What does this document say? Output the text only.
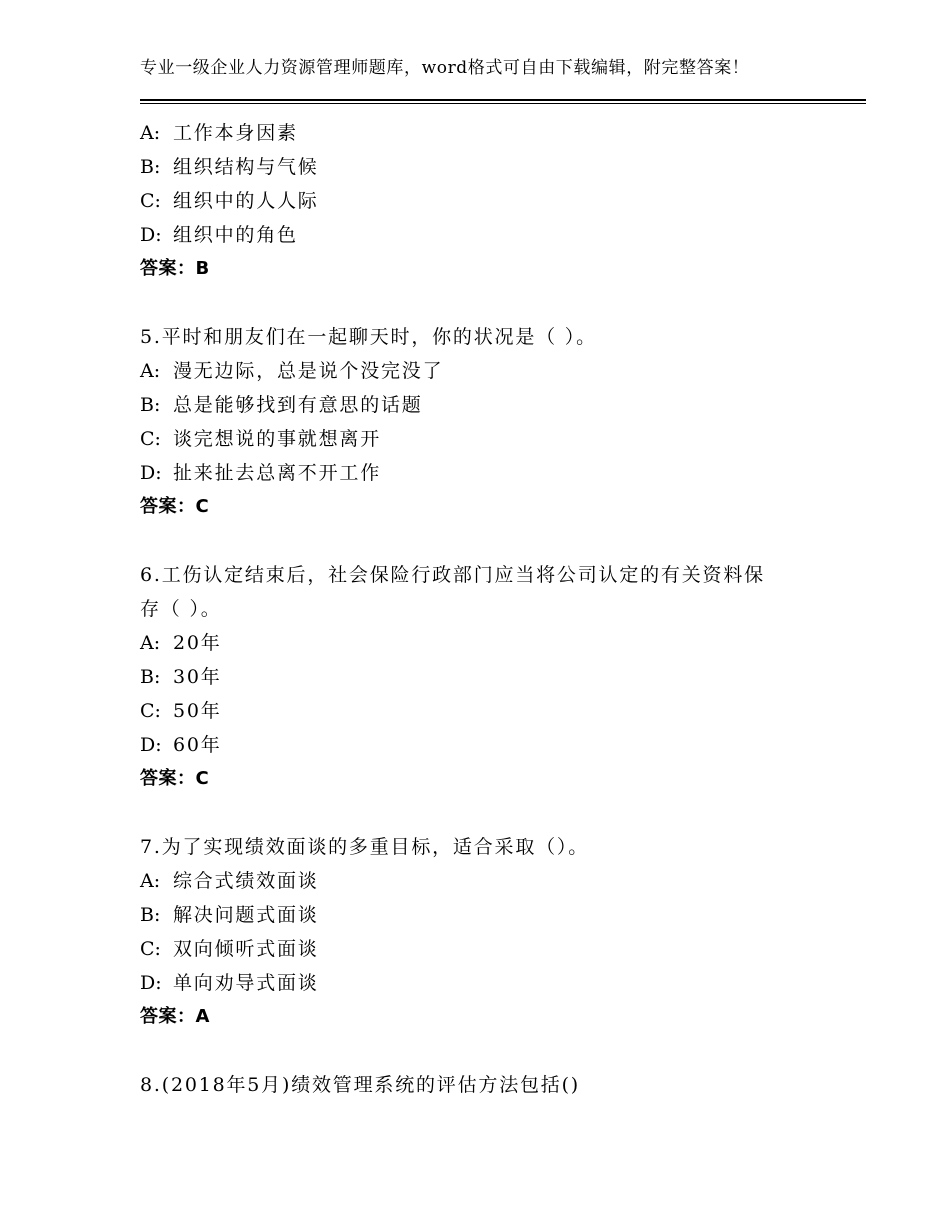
专业一级企业人力资源管理师题库，word格式可自由下载编辑，附完整答案！
A: 工作本身因素
B: 组织结构与气候
C: 组织中的人人际
D: 组织中的角色
答案：B
5.平时和朋友们在一起聊天时，你的状况是（ ）。
A: 漫无边际，总是说个没完没了
B: 总是能够找到有意思的话题
C: 谈完想说的事就想离开
D: 扯来扯去总离不开工作
答案：C
6.工伤认定结束后，社会保险行政部门应当将公司认定的有关资料保
存（ ）。
A: 20年
B: 30年
C: 50年
D: 60年
答案：C
7.为了实现绩效面谈的多重目标，适合采取（）。
A: 综合式绩效面谈
B: 解决问题式面谈
C: 双向倾听式面谈
D: 单向劝导式面谈
答案：A
8.(2018年5月)绩效管理系统的评估方法包括()
